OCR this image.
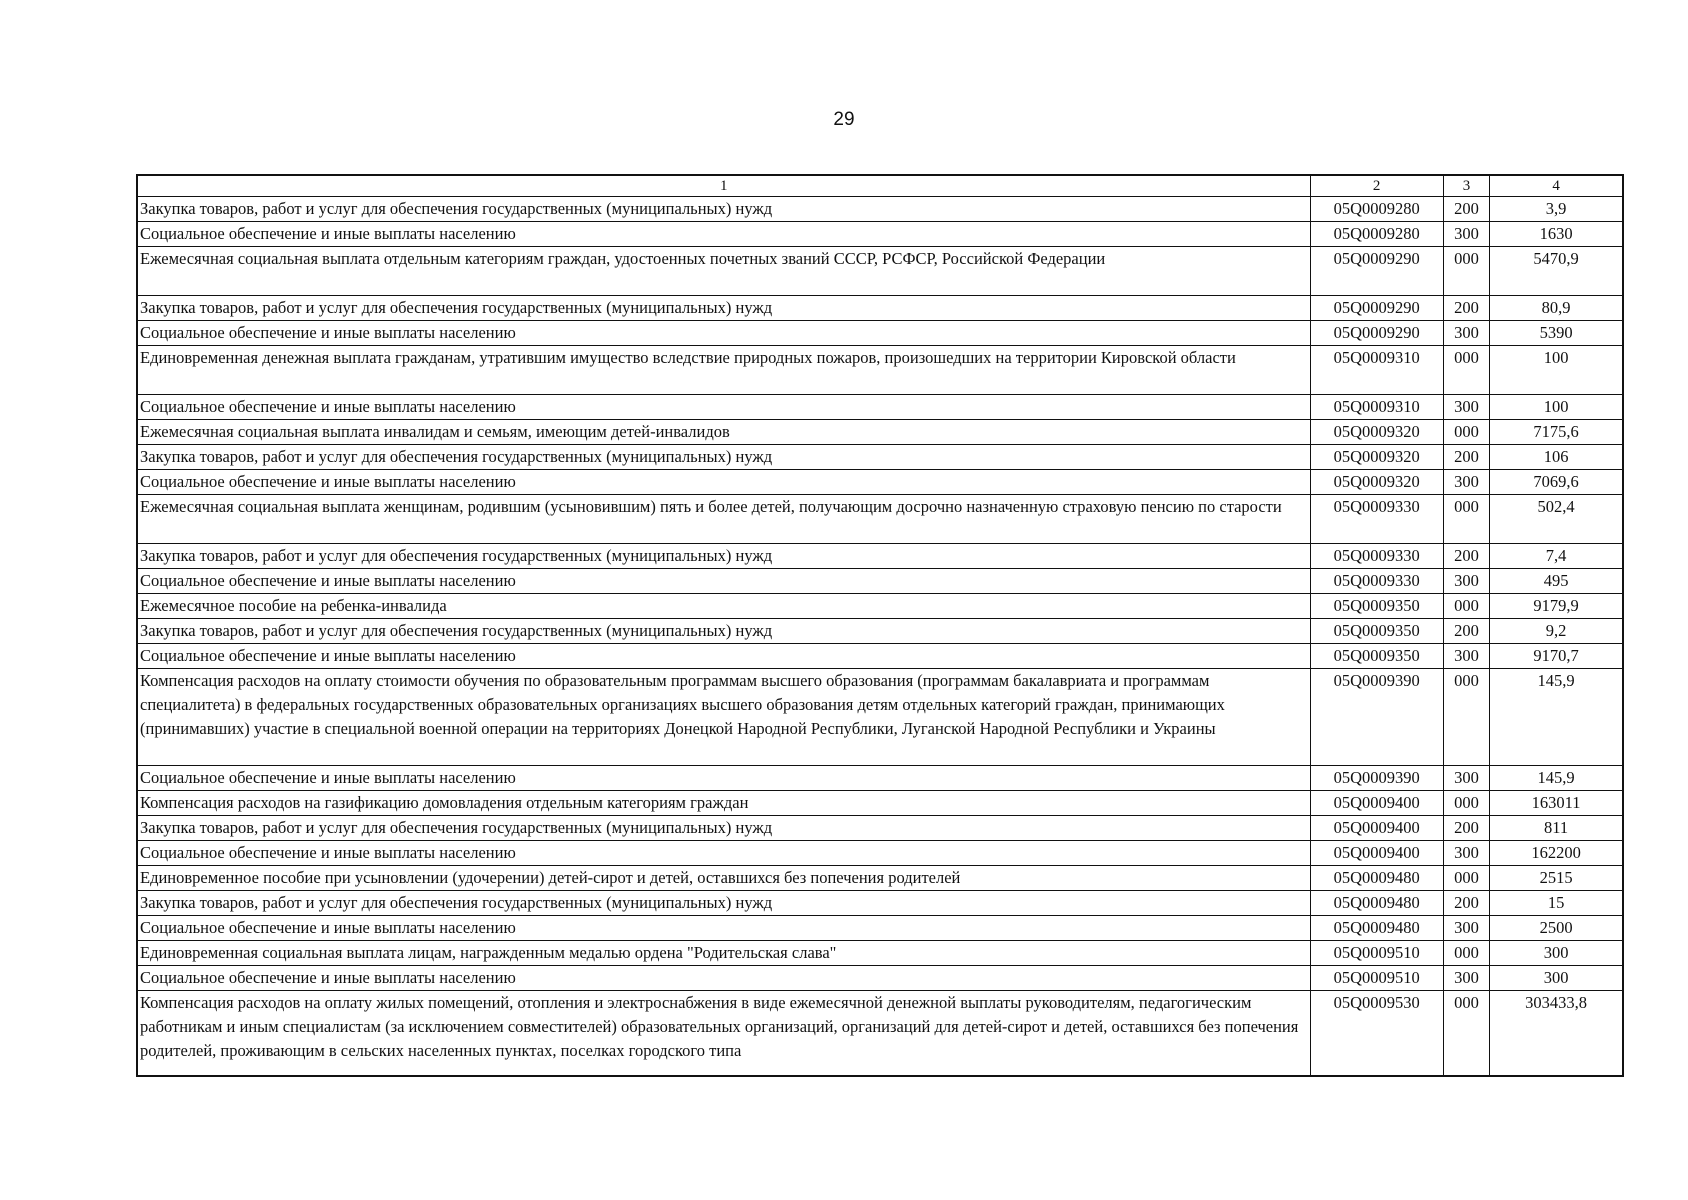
29
1	2	3	4
Закупка товаров, работ и услуг для обеспечения государственных (муниципальных) нужд	05Q0009280	200	3,9
Социальное обеспечение и иные выплаты населению	05Q0009280	300	1630
Ежемесячная социальная выплата отдельным категориям граждан, удостоенных почетных званий СССР, РСФСР, Российской Федерации	05Q0009290	000	5470,9
Закупка товаров, работ и услуг для обеспечения государственных (муниципальных) нужд	05Q0009290	200	80,9
Социальное обеспечение и иные выплаты населению	05Q0009290	300	5390
Единовременная денежная выплата гражданам, утратившим имущество вследствие природных пожаров, произошедших на территории Кировской области	05Q0009310	000	100
Социальное обеспечение и иные выплаты населению	05Q0009310	300	100
Ежемесячная социальная выплата инвалидам и семьям, имеющим детей-инвалидов	05Q0009320	000	7175,6
Закупка товаров, работ и услуг для обеспечения государственных (муниципальных) нужд	05Q0009320	200	106
Социальное обеспечение и иные выплаты населению	05Q0009320	300	7069,6
Ежемесячная социальная выплата женщинам, родившим (усыновившим) пять и более детей, получающим досрочно назначенную страховую пенсию по старости	05Q0009330	000	502,4
Закупка товаров, работ и услуг для обеспечения государственных (муниципальных) нужд	05Q0009330	200	7,4
Социальное обеспечение и иные выплаты населению	05Q0009330	300	495
Ежемесячное пособие на ребенка-инвалида	05Q0009350	000	9179,9
Закупка товаров, работ и услуг для обеспечения государственных (муниципальных) нужд	05Q0009350	200	9,2
Социальное обеспечение и иные выплаты населению	05Q0009350	300	9170,7
Компенсация расходов на оплату стоимости обучения по образовательным программам высшего образования (программам бакалавриата и программам специалитета) в федеральных государственных образовательных организациях высшего образования детям отдельных категорий граждан, принимающих (принимавших) участие в специальной военной операции на территориях Донецкой Народной Республики, Луганской Народной Республики и Украины	05Q0009390	000	145,9
Социальное обеспечение и иные выплаты населению	05Q0009390	300	145,9
Компенсация расходов на газификацию домовладения отдельным категориям граждан	05Q0009400	000	163011
Закупка товаров, работ и услуг для обеспечения государственных (муниципальных) нужд	05Q0009400	200	811
Социальное обеспечение и иные выплаты населению	05Q0009400	300	162200
Единовременное пособие при усыновлении (удочерении) детей-сирот и детей, оставшихся без попечения родителей	05Q0009480	000	2515
Закупка товаров, работ и услуг для обеспечения государственных (муниципальных) нужд	05Q0009480	200	15
Социальное обеспечение и иные выплаты населению	05Q0009480	300	2500
Единовременная социальная выплата лицам, награжденным медалью ордена "Родительская слава"	05Q0009510	000	300
Социальное обеспечение и иные выплаты населению	05Q0009510	300	300
Компенсация расходов на оплату жилых помещений, отопления и электроснабжения в виде ежемесячной денежной выплаты руководителям, педагогическим работникам и иным специалистам (за исключением совместителей) образовательных организаций, организаций для детей-сирот и детей, оставшихся без попечения родителей, проживающим в сельских населенных пунктах, поселках городского типа	05Q0009530	000	303433,8
